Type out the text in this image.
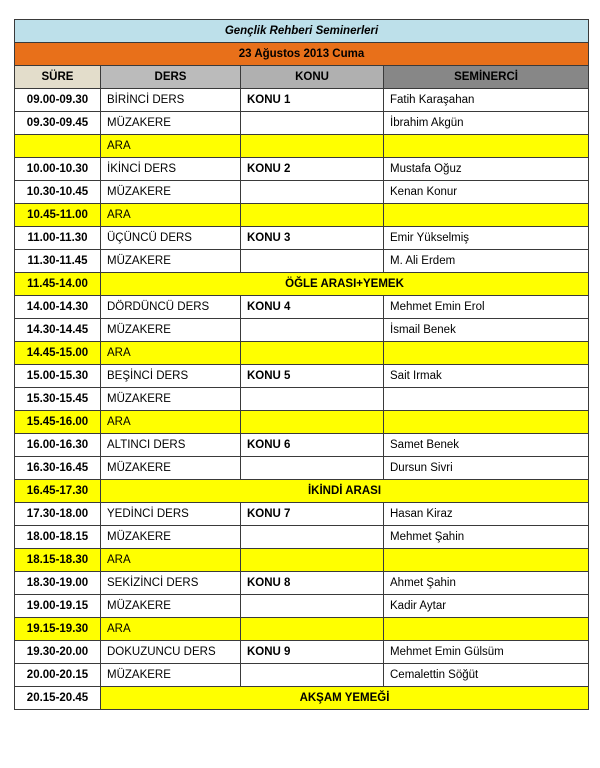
Gençlik Rehberi Seminerleri			
23 Ağustos 2013 Cuma			
SÜRE	DERS	KONU	SEMİNERCİ
09.00-09.30	BİRİNCİ DERS	KONU 1	Fatih Karaşahan
09.30-09.45	MÜZAKERE		İbrahim Akgün
	ARA		
10.00-10.30	İKİNCİ DERS	KONU 2	Mustafa Oğuz
10.30-10.45	MÜZAKERE		Kenan Konur
10.45-11.00	ARA		
11.00-11.30	ÜÇÜNCÜ DERS	KONU 3	Emir Yükselmiş
11.30-11.45	MÜZAKERE		M. Ali Erdem
11.45-14.00	ÖĞLE ARASI+YEMEK		
14.00-14.30	DÖRDÜNCÜ DERS	KONU 4	Mehmet Emin Erol
14.30-14.45	MÜZAKERE		İsmail Benek
14.45-15.00	ARA		
15.00-15.30	BEŞİNCİ DERS	KONU 5	Sait Irmak
15.30-15.45	MÜZAKERE		
15.45-16.00	ARA		
16.00-16.30	ALTINCI DERS	KONU 6	Samet Benek
16.30-16.45	MÜZAKERE		Dursun Sivri
16.45-17.30	İKİNDİ ARASI		
17.30-18.00	YEDİNCİ DERS	KONU 7	Hasan Kiraz
18.00-18.15	MÜZAKERE		Mehmet Şahin
18.15-18.30	ARA		
18.30-19.00	SEKİZİNCİ DERS	KONU 8	Ahmet Şahin
19.00-19.15	MÜZAKERE		Kadir Aytar
19.15-19.30	ARA		
19.30-20.00	DOKUZUNCU DERS	KONU 9	Mehmet Emin Gülsüm
20.00-20.15	MÜZAKERE		Cemalettin Söğüt
20.15-20.45	AKŞAM YEMEĞİ		
